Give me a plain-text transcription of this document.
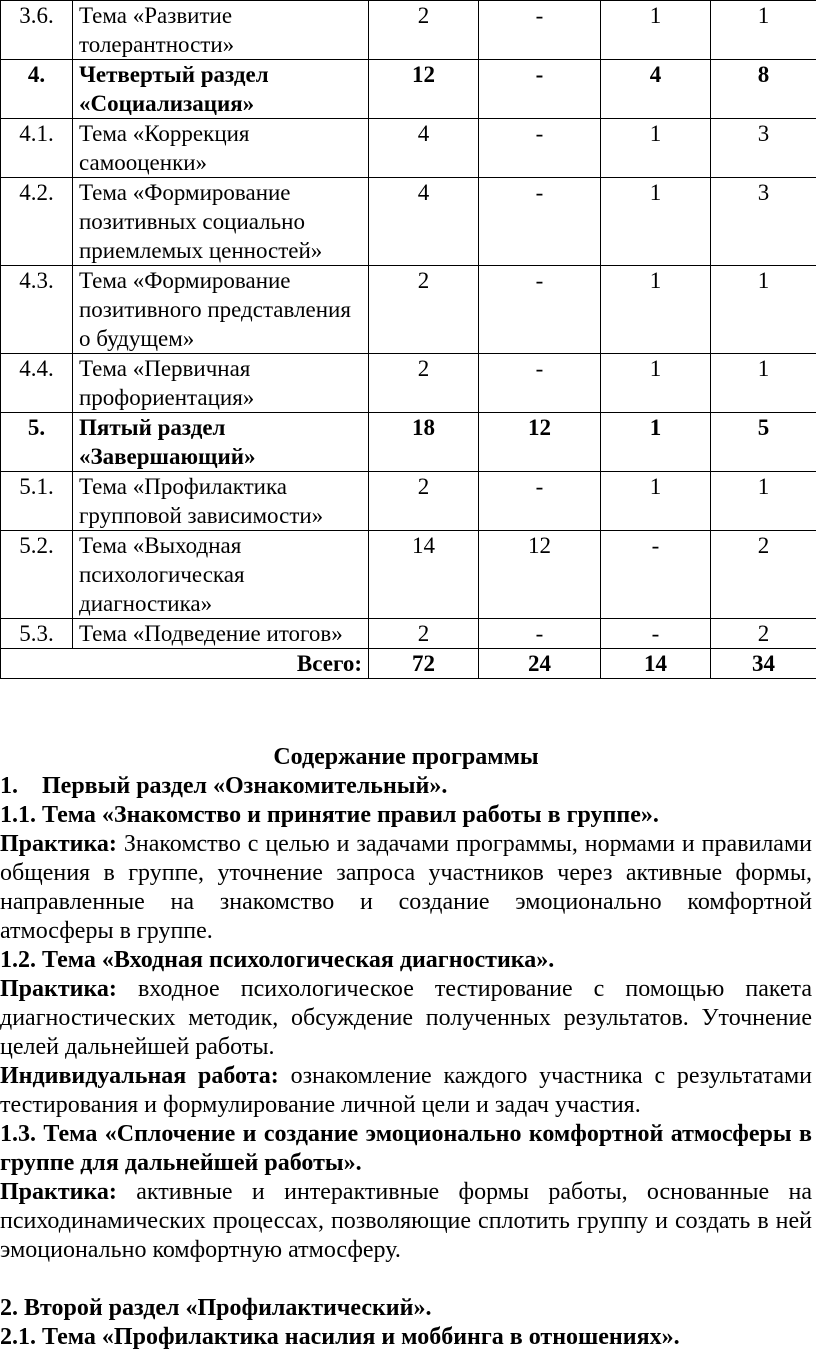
3.6.	Тема «Развитие толерантности»	2	-	1	1
4.	Четвертый раздел «Социализация»	12	-	4	8
4.1.	Тема «Коррекция самооценки»	4	-	1	3
4.2.	Тема «Формирование позитивных социально приемлемых ценностей»	4	-	1	3
4.3.	Тема «Формирование позитивного представления о будущем»	2	-	1	1
4.4.	Тема «Первичная профориентация»	2	-	1	1
5.	Пятый раздел «Завершающий»	18	12	1	5
5.1.	Тема «Профилактика групповой зависимости»	2	-	1	1
5.2.	Тема «Выходная психологическая диагностика»	14	12	-	2
5.3.	Тема «Подведение итогов»	2	-	-	2
Всего:		72	24	14	34

Содержание программы

1. Первый раздел «Ознакомительный».

1.1. Тема «Знакомство и принятие правил работы в группе».

Практика: Знакомство с целью и задачами программы, нормами и правилами общения в группе, уточнение запроса участников через активные формы, направленные на знакомство и создание эмоционально комфортной атмосферы в группе.

1.2. Тема «Входная психологическая диагностика».

Практика: входное психологическое тестирование с помощью пакета диагностических методик, обсуждение полученных результатов. Уточнение целей дальнейшей работы.

Индивидуальная работа: ознакомление каждого участника с результатами тестирования и формулирование личной цели и задач участия.

1.3. Тема «Сплочение и создание эмоционально комфортной атмосферы в группе для дальнейшей работы».

Практика: активные и интерактивные формы работы, основанные на психодинамических процессах, позволяющие сплотить группу и создать в ней эмоционально комфортную атмосферу.

2. Второй раздел «Профилактический».

2.1. Тема «Профилактика насилия и моббинга в отношениях».
